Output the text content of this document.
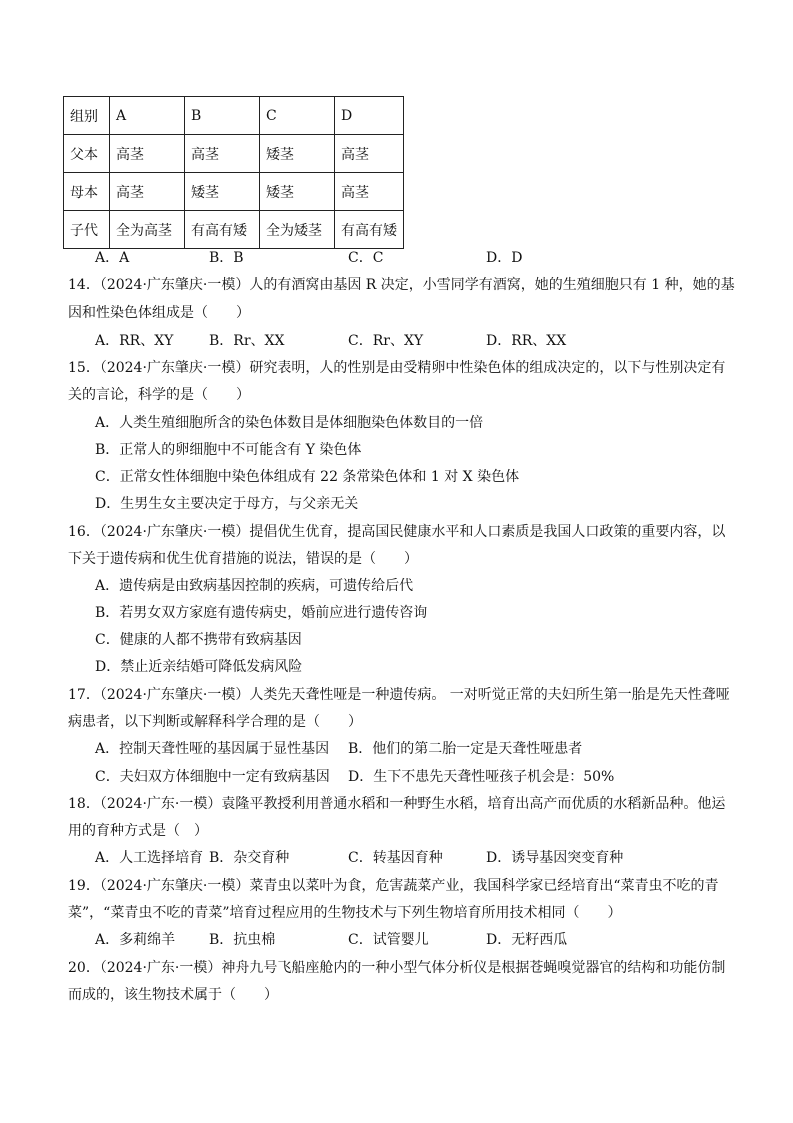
组别	A	B	C	D
父本	高茎	高茎	矮茎	高茎
母本	高茎	矮茎	矮茎	高茎
子代	全为高茎	有高有矮	全为矮茎	有高有矮
A．A	B．B	C．C	D．D
14．（2024·广东肇庆·一模）人的有酒窝由基因 R 决定，小雪同学有酒窝，她的生殖细胞只有 1 种，她的基
因和性染色体组成是（　　）
A．RR、XY	B．Rr、XX	C．Rr、XY	D．RR、XX
15．（2024·广东肇庆·一模）研究表明，人的性别是由受精卵中性染色体的组成决定的，以下与性别决定有
关的言论，科学的是（　　）
A．人类生殖细胞所含的染色体数目是体细胞染色体数目的一倍
B．正常人的卵细胞中不可能含有 Y 染色体
C．正常女性体细胞中染色体组成有 22 条常染色体和 1 对 X 染色体
D．生男生女主要决定于母方，与父亲无关
16．（2024·广东肇庆·一模）提倡优生优育，提高国民健康水平和人口素质是我国人口政策的重要内容，以
下关于遗传病和优生优育措施的说法，错误的是（　　）
A．遗传病是由致病基因控制的疾病，可遗传给后代
B．若男女双方家庭有遗传病史，婚前应进行遗传咨询
C．健康的人都不携带有致病基因
D．禁止近亲结婚可降低发病风险
17．（2024·广东肇庆·一模）人类先天聋性哑是一种遗传病。 一对听觉正常的夫妇所生第一胎是先天性聋哑
病患者，以下判断或解释科学合理的是（　　）
A．控制天聋性哑的基因属于显性基因 B．他们的第二胎一定是天聋性哑患者
C．夫妇双方体细胞中一定有致病基因 D．生下不患先天聋性哑孩子机会是：50%
18．（2024·广东·一模）袁隆平教授利用普通水稻和一种野生水稻，培育出高产而优质的水稻新品种。他运
用的育种方式是（　）
A．人工选择培育 B．杂交育种	C．转基因育种	D．诱导基因突变育种
19．（2024·广东肇庆·一模）菜青虫以菜叶为食，危害蔬菜产业，我国科学家已经培育出“菜青虫不吃的青
菜”，“菜青虫不吃的青菜”培育过程应用的生物技术与下列生物培育所用技术相同（　　）
A．多莉绵羊 B．抗虫棉	C．试管婴儿	D．无籽西瓜
20．（2024·广东·一模）神舟九号飞船座舱内的一种小型气体分析仪是根据苍蝇嗅觉器官的结构和功能仿制
而成的，该生物技术属于（　　）
